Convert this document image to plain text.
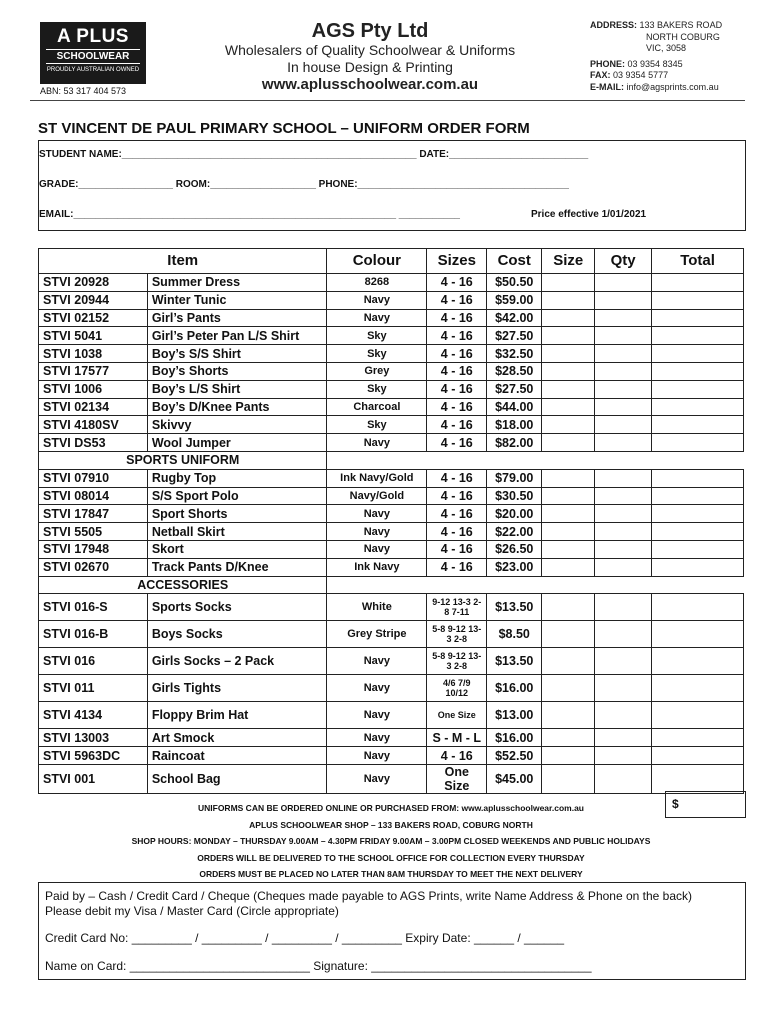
A PLUS
SCHOOLWEAR
PROUDLY AUSTRALIAN OWNED
ABN: 53 317 404 573
AGS Pty Ltd
Wholesalers of Quality Schoolwear & Uniforms
In house Design & Printing
www.aplusschoolwear.com.au
ADDRESS: 133 BAKERS ROAD
NORTH COBURG
VIC, 3058
PHONE: 03 9354 8345
FAX: 03 9354 5777
E-MAIL: info@agsprints.com.au
ST VINCENT DE PAUL PRIMARY SCHOOL – UNIFORM ORDER FORM
STUDENT NAME:_____________________________________________________ DATE:_________________________
GRADE:_________________ ROOM:___________________ PHONE:______________________________________
EMAIL:__________________________________________________________ ___________	Price effective 1/01/2021
Item		Colour	Sizes	Cost	Size	Qty	Total
STVI 20928	Summer Dress	8268	4 - 16	$50.50			
STVI 20944	Winter Tunic	Navy	4 - 16	$59.00			
STVI 02152	Girl’s Pants	Navy	4 - 16	$42.00			
STVI 5041	Girl’s Peter Pan L/S Shirt	Sky	4 - 16	$27.50			
STVI 1038	Boy’s S/S Shirt	Sky	4 - 16	$32.50			
STVI 17577	Boy’s Shorts	Grey	4 - 16	$28.50			
STVI 1006	Boy’s L/S Shirt	Sky	4 - 16	$27.50			
STVI 02134	Boy’s D/Knee Pants	Charcoal	4 - 16	$44.00			
STVI 4180SV	Skivvy	Sky	4 - 16	$18.00			
STVI DS53	Wool Jumper	Navy	4 - 16	$82.00			
SPORTS UNIFORM							
STVI 07910	Rugby Top	Ink Navy/Gold	4 - 16	$79.00			
STVI 08014	S/S Sport Polo	Navy/Gold	4 - 16	$30.50			
STVI 17847	Sport Shorts	Navy	4 - 16	$20.00			
STVI 5505	Netball Skirt	Navy	4 - 16	$22.00			
STVI 17948	Skort	Navy	4 - 16	$26.50			
STVI 02670	Track Pants D/Knee	Ink Navy	4 - 16	$23.00			
ACCESSORIES							
STVI 016-S	Sports Socks	White	9-12 13-3 2-8 7-11	$13.50			
STVI 016-B	Boys Socks	Grey Stripe	5-8 9-12 13-3 2-8	$8.50			
STVI 016	Girls Socks – 2 Pack	Navy	5-8 9-12 13-3 2-8	$13.50			
STVI 011	Girls Tights	Navy	4/6 7/9 10/12	$16.00			
STVI 4134	Floppy Brim Hat	Navy	One Size	$13.00			
STVI 13003	Art Smock	Navy	S - M - L	$16.00			
STVI 5963DC	Raincoat	Navy	4 - 16	$52.50			
STVI 001	School Bag	Navy	One Size	$45.00			
$
UNIFORMS CAN BE ORDERED ONLINE OR PURCHASED FROM: www.aplusschoolwear.com.au
APLUS SCHOOLWEAR SHOP – 133 BAKERS ROAD, COBURG NORTH
SHOP HOURS: MONDAY – THURSDAY 9.00AM – 4.30PM FRIDAY 9.00AM – 3.00PM CLOSED WEEKENDS AND PUBLIC HOLIDAYS
ORDERS WILL BE DELIVERED TO THE SCHOOL OFFICE FOR COLLECTION EVERY THURSDAY
ORDERS MUST BE PLACED NO LATER THAN 8AM THURSDAY TO MEET THE NEXT DELIVERY
Paid by – Cash / Credit Card / Cheque (Cheques made payable to AGS Prints, write Name Address & Phone on the back)
Please debit my Visa / Master Card (Circle appropriate)
Credit Card No: _________ / _________ / _________ / _________ Expiry Date: ______ / ______
Name on Card: ___________________________ Signature: _________________________________
